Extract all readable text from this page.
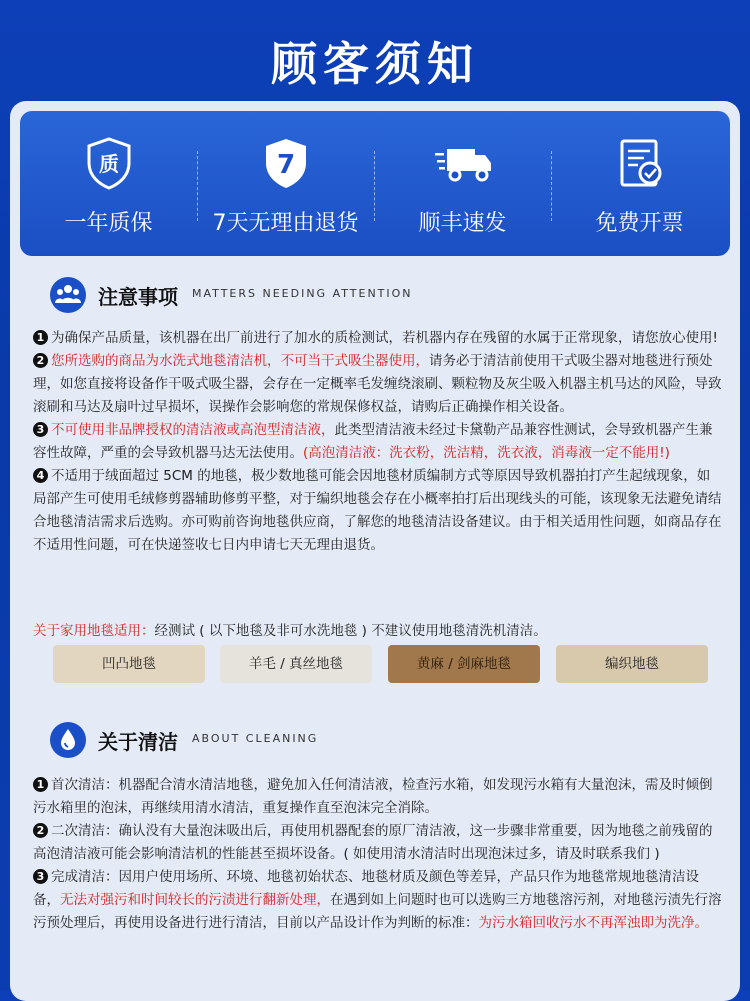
顾客须知
质
一年质保
7
7天无理由退货	顺丰速发	免费开票
注意事项 MATTERS NEEDING ATTENTION
1 为确保产品质量，该机器在出厂前进行了加水的质检测试，若机器内存在残留的水属于正常现象，请您放心使用!
2 您所选购的商品为水洗式地毯清洁机，不可当干式吸尘器使用，请务必于清洁前使用干式吸尘器对地毯进行预处理，如您直接将设备作干吸式吸尘器，会存在一定概率毛发缠绕滚刷、颗粒物及灰尘吸入机器主机马达的风险，导致滚刷和马达及扇叶过早损坏，误操作会影响您的常规保修权益，请购后正确操作相关设备。
3 不可使用非品牌授权的清洁液或高泡型清洁液，此类型清洁液未经过卡黛勒产品兼容性测试，会导致机器产生兼容性故障，严重的会导致机器马达无法使用。(高泡清洁液：洗衣粉，洗洁精，洗衣液，消毒液一定不能用!)
4 不适用于绒面超过 5CM 的地毯，极少数地毯可能会因地毯材质编制方式等原因导致机器拍打产生起绒现象，如局部产生可使用毛绒修剪器辅助修剪平整，对于编织地毯会存在小概率拍打后出现线头的可能，该现象无法避免请结合地毯清洁需求后选购。亦可购前咨询地毯供应商，了解您的地毯清洁设备建议。由于相关适用性问题，如商品存在不适用性问题，可在快递签收七日内申请七天无理由退货。
关于家用地毯适用：经测试 ( 以下地毯及非可水洗地毯 ) 不建议使用地毯清洗机清洁。
凹凸地毯	羊毛 / 真丝地毯	黄麻 / 剑麻地毯	编织地毯
关于清洁 ABOUT CLEANING
1 首次清洁：机器配合清水清洁地毯，避免加入任何清洁液，检查污水箱，如发现污水箱有大量泡沫，需及时倾倒污水箱里的泡沫，再继续用清水清洁，重复操作直至泡沫完全消除。
2 二次清洁：确认没有大量泡沫吸出后，再使用机器配套的原厂清洁液，这一步骤非常重要，因为地毯之前残留的高泡清洁液可能会影响清洁机的性能甚至损坏设备。( 如使用清水清洁时出现泡沫过多，请及时联系我们 )
3 完成清洁：因用户使用场所、环境、地毯初始状态、地毯材质及颜色等差异，产品只作为地毯常规地毯清洁设备，无法对强污和时间较长的污渍进行翻新处理，在遇到如上问题时也可以选购三方地毯溶污剂，对地毯污渍先行溶污预处理后，再使用设备进行进行清洁，目前以产品设计作为判断的标准：为污水箱回收污水不再浑浊即为洗净。
